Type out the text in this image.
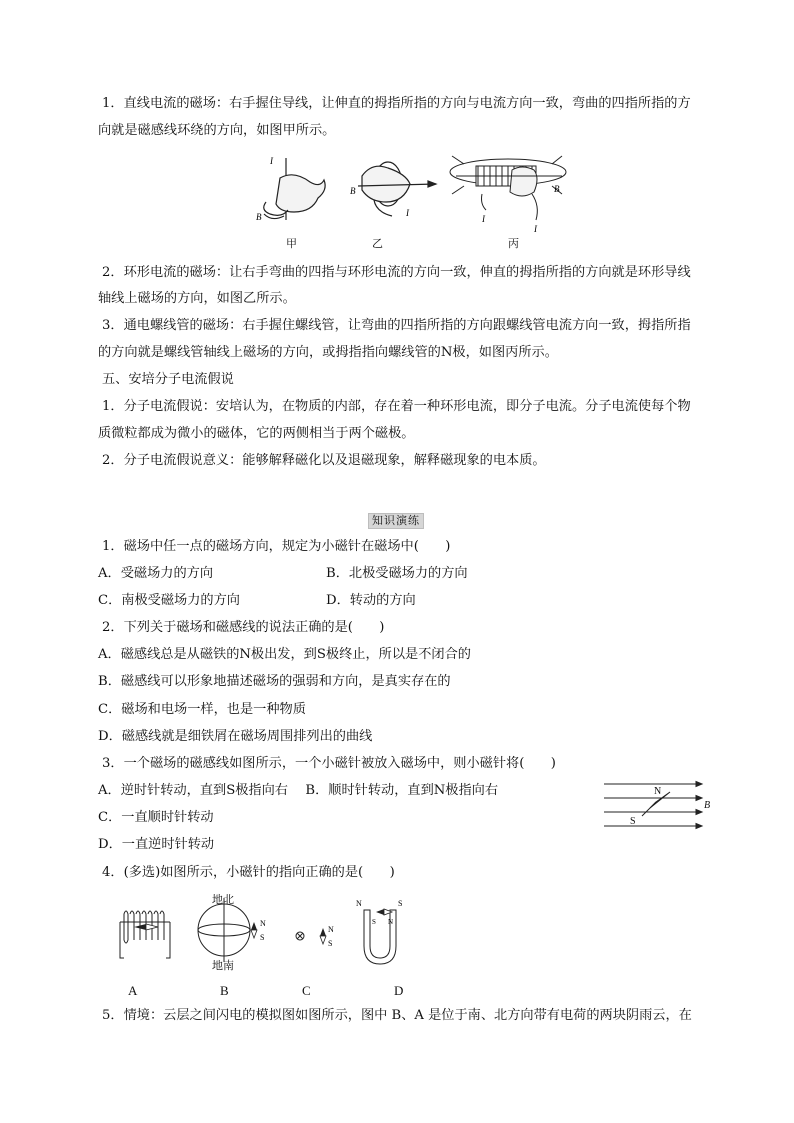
1．直线电流的磁场：右手握住导线，让伸直的拇指所指的方向与电流方向一致，弯曲的四指所指的方
向就是磁感线环绕的方向，如图甲所示。
I
B
B
I
B
I
I
甲	乙	丙
2．环形电流的磁场：让右手弯曲的四指与环形电流的方向一致，伸直的拇指所指的方向就是环形导线
轴线上磁场的方向，如图乙所示。
3．通电螺线管的磁场：右手握住螺线管，让弯曲的四指所指的方向跟螺线管电流方向一致，拇指所指
的方向就是螺线管轴线上磁场的方向，或拇指指向螺线管的N极，如图丙所示。
五、安培分子电流假说
1．分子电流假说：安培认为，在物质的内部，存在着一种环形电流，即分子电流。分子电流使每个物
质微粒都成为微小的磁体，它的两侧相当于两个磁极。
2．分子电流假说意义：能够解释磁化以及退磁现象，解释磁现象的电本质。
知识演练
1．磁场中任一点的磁场方向，规定为小磁针在磁场中(　　)
A．受磁场力的方向	B．北极受磁场力的方向
C．南极受磁场力的方向	D．转动的方向
2．下列关于磁场和磁感线的说法正确的是(　　)
A．磁感线总是从磁铁的N极出发，到S极终止，所以是不闭合的
B．磁感线可以形象地描述磁场的强弱和方向，是真实存在的
C．磁场和电场一样，也是一种物质
D．磁感线就是细铁屑在磁场周围排列出的曲线
3．一个磁场的磁感线如图所示，一个小磁针被放入磁场中，则小磁针将(　　)
A．逆时针转动，直到S极指向右　 B．顺时针转动，直到N极指向右
C．一直顺时针转动
D．一直逆时针转动
N
S
B
4．(多选)如图所示，小磁针的指向正确的是(　　)
N
S
N
S
N	S
S N
地北
地南
A	B	C	D
5．情境：云层之间闪电的模拟图如图所示，图中 B、A 是位于南、北方向带有电荷的两块阴雨云，在
